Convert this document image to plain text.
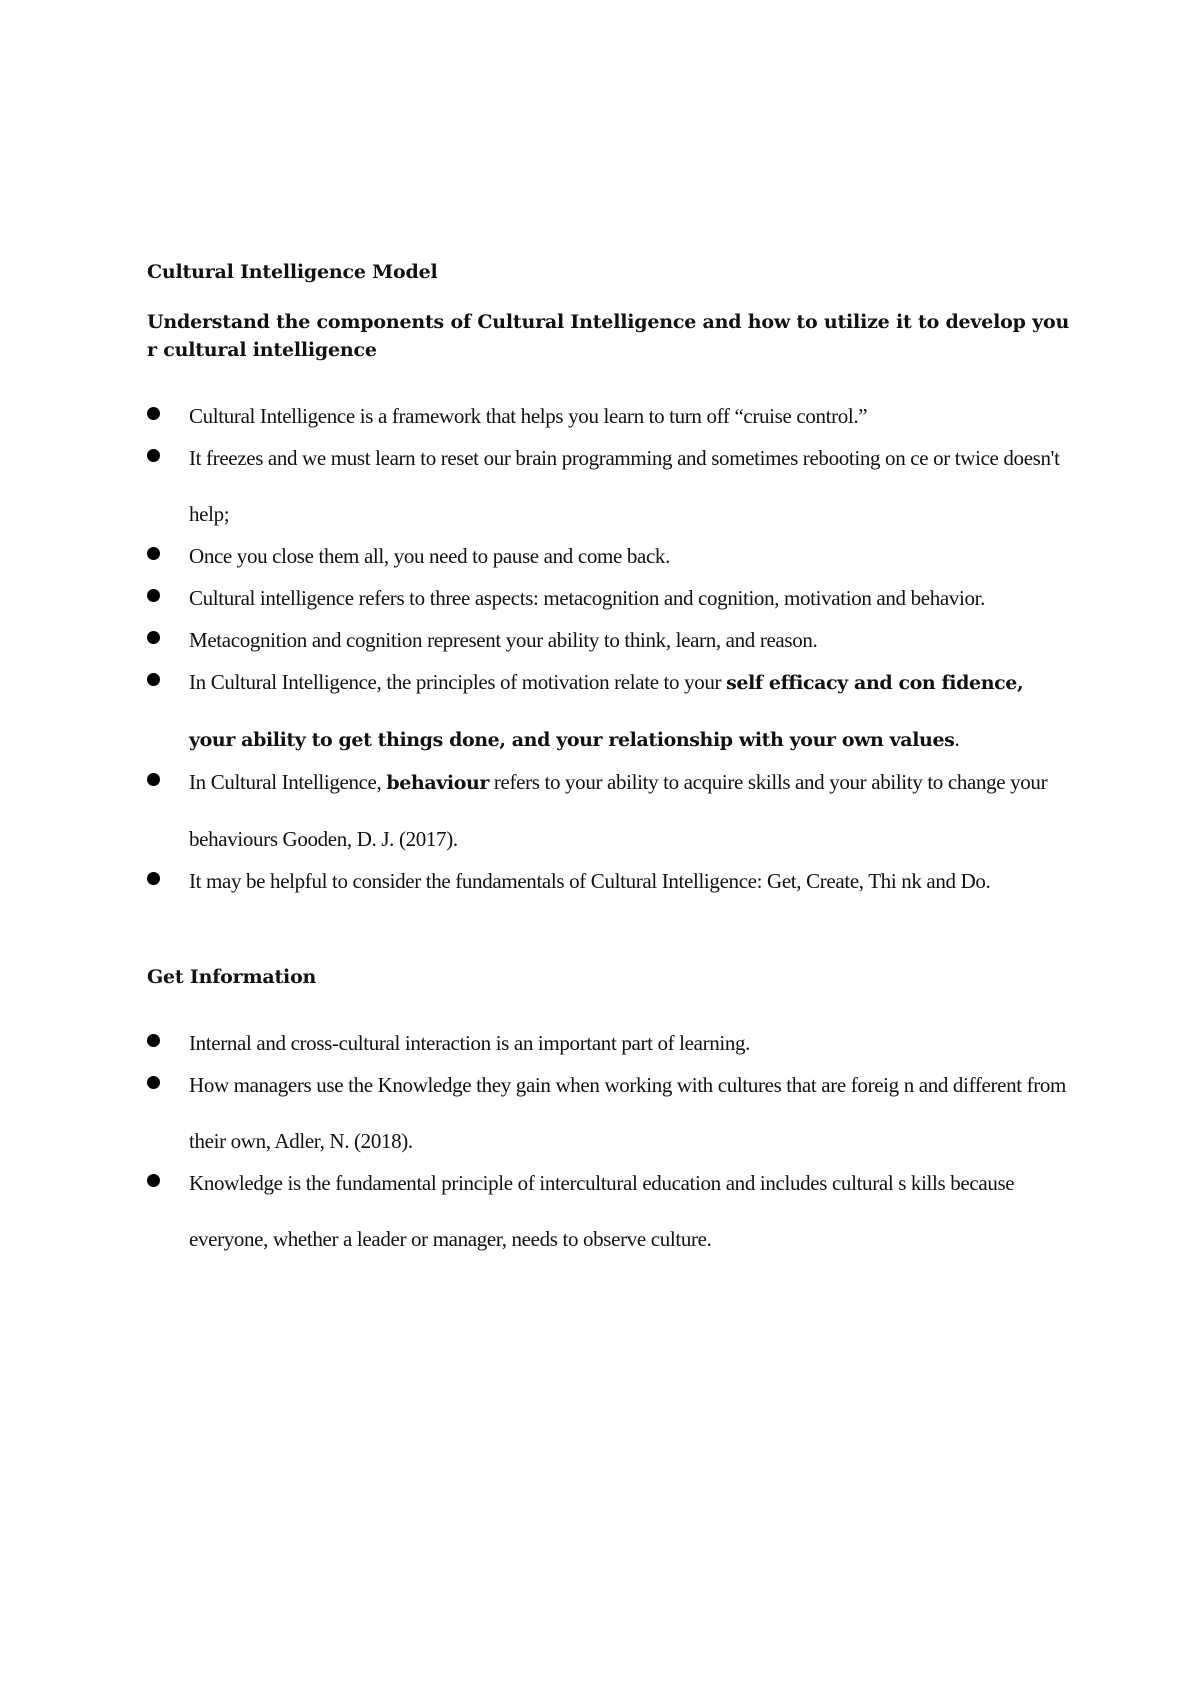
Cultural Intelligence Model
Understand the components of Cultural Intelligence and how to utilize it to develop you r cultural intelligence
Cultural Intelligence is a framework that helps you learn to turn off “cruise control.”
It freezes and we must learn to reset our brain programming and sometimes rebooting on ce or twice doesn't help;
Once you close them all, you need to pause and come back.
Cultural intelligence refers to three aspects: metacognition and cognition, motivation and behavior.
Metacognition and cognition represent your ability to think, learn, and reason.
In Cultural Intelligence, the principles of motivation relate to your self efficacy and con fidence, your ability to get things done, and your relationship with your own values.
In Cultural Intelligence, behaviour refers to your ability to acquire skills and your ability to change your behaviours Gooden, D. J. (2017).
It may be helpful to consider the fundamentals of Cultural Intelligence: Get, Create, Thi nk and Do.
Get Information
Internal and cross-cultural interaction is an important part of learning.
How managers use the Knowledge they gain when working with cultures that are foreig n and different from their own, Adler, N. (2018).
Knowledge is the fundamental principle of intercultural education and includes cultural s kills because everyone, whether a leader or manager, needs to observe culture.
